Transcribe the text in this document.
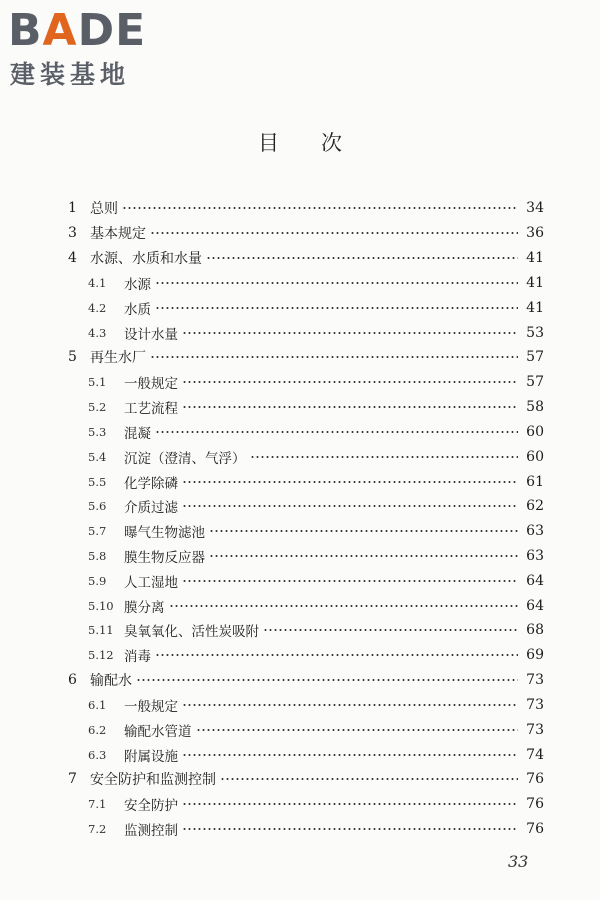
BADE
建装基地
目　　次
1 总则	34
3 基本规定	36
4 水源、水质和水量	41
4.1	水源	41
4.2	水质	41
4.3	设计水量	53
5 再生水厂	57
5.1	一般规定	57
5.2	工艺流程	58
5.3	混凝	60
5.4	沉淀（澄清、气浮）	60
5.5	化学除磷	61
5.6	介质过滤	62
5.7	曝气生物滤池	63
5.8	膜生物反应器	63
5.9	人工湿地	64
5.10 膜分离	64
5.11 臭氧氧化、活性炭吸附	68
5.12 消毒	69
6 输配水	73
6.1	一般规定	73
6.2	输配水管道	73
6.3	附属设施	74
7 安全防护和监测控制	76
7.1	安全防护	76
7.2	监测控制	76
33
